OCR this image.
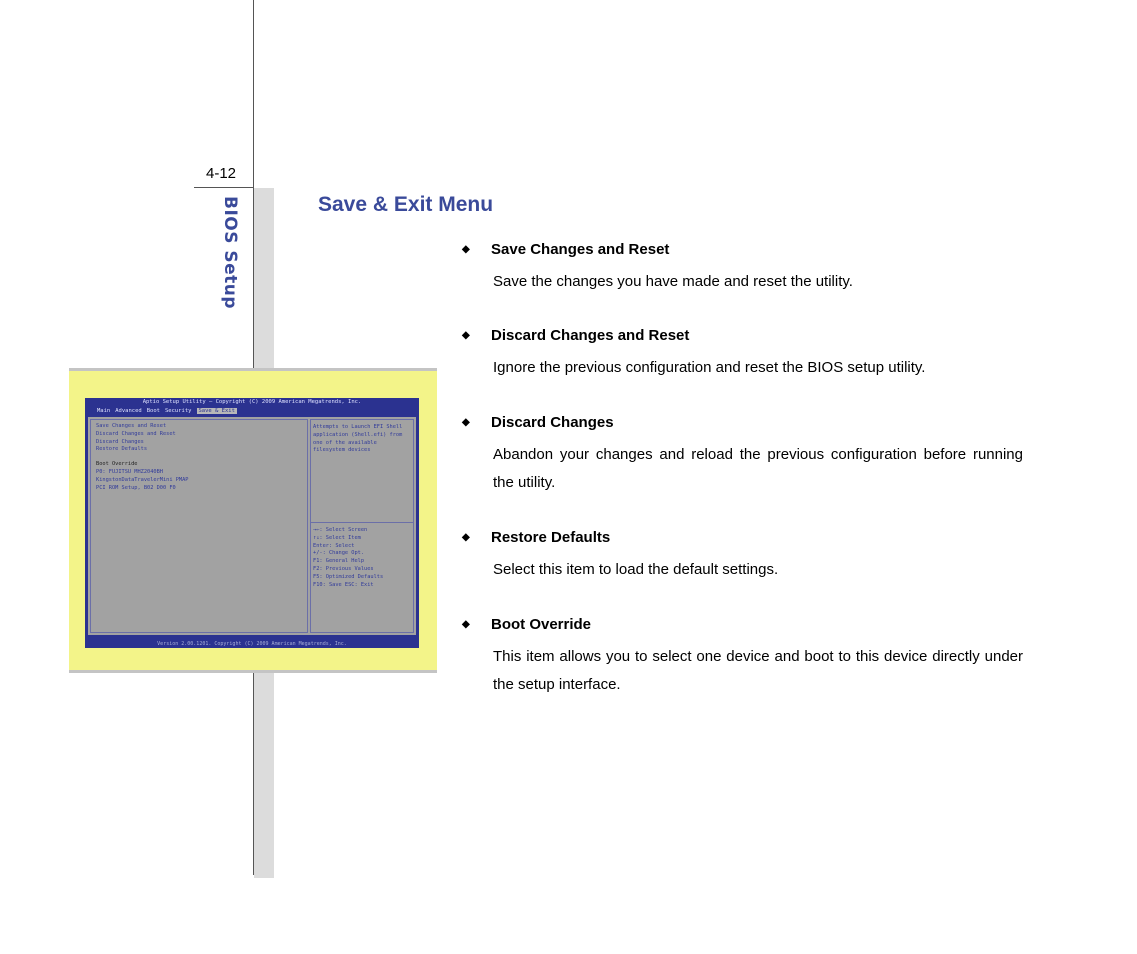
4-12
BIOS Setup
Aptio Setup Utility – Copyright (C) 2009 American Megatrends, Inc.
Main Advanced Boot Security	Save & Exit
Save Changes and Reset
Discard Changes and Reset
Discard Changes
Restore Defaults
Boot Override
P0: FUJITSU MHZ2040BH
KingstonDataTravelerMini PMAP
PCI ROM Setup, B02 D00 F0
Attempts to Launch EFI Shell
application (Shell.efi) from
one of the available
filesystem devices
→←: Select Screen
↑↓: Select Item
Enter: Select
+/-: Change Opt.
F1: General Help
F2: Previous Values
F5: Optimized Defaults
F10: Save ESC: Exit
Version 2.00.1201. Copyright (C) 2009 American Megatrends, Inc.
Save & Exit Menu
◆ Save Changes and Reset
Save the changes you have made and reset the utility.
◆ Discard Changes and Reset
Ignore the previous configuration and reset the BIOS setup utility.
◆ Discard Changes
Abandon your changes and reload the previous configuration before running the utility.
◆ Restore Defaults
Select this item to load the default settings.
◆ Boot Override
This item allows you to select one device and boot to this device directly under the setup interface.
